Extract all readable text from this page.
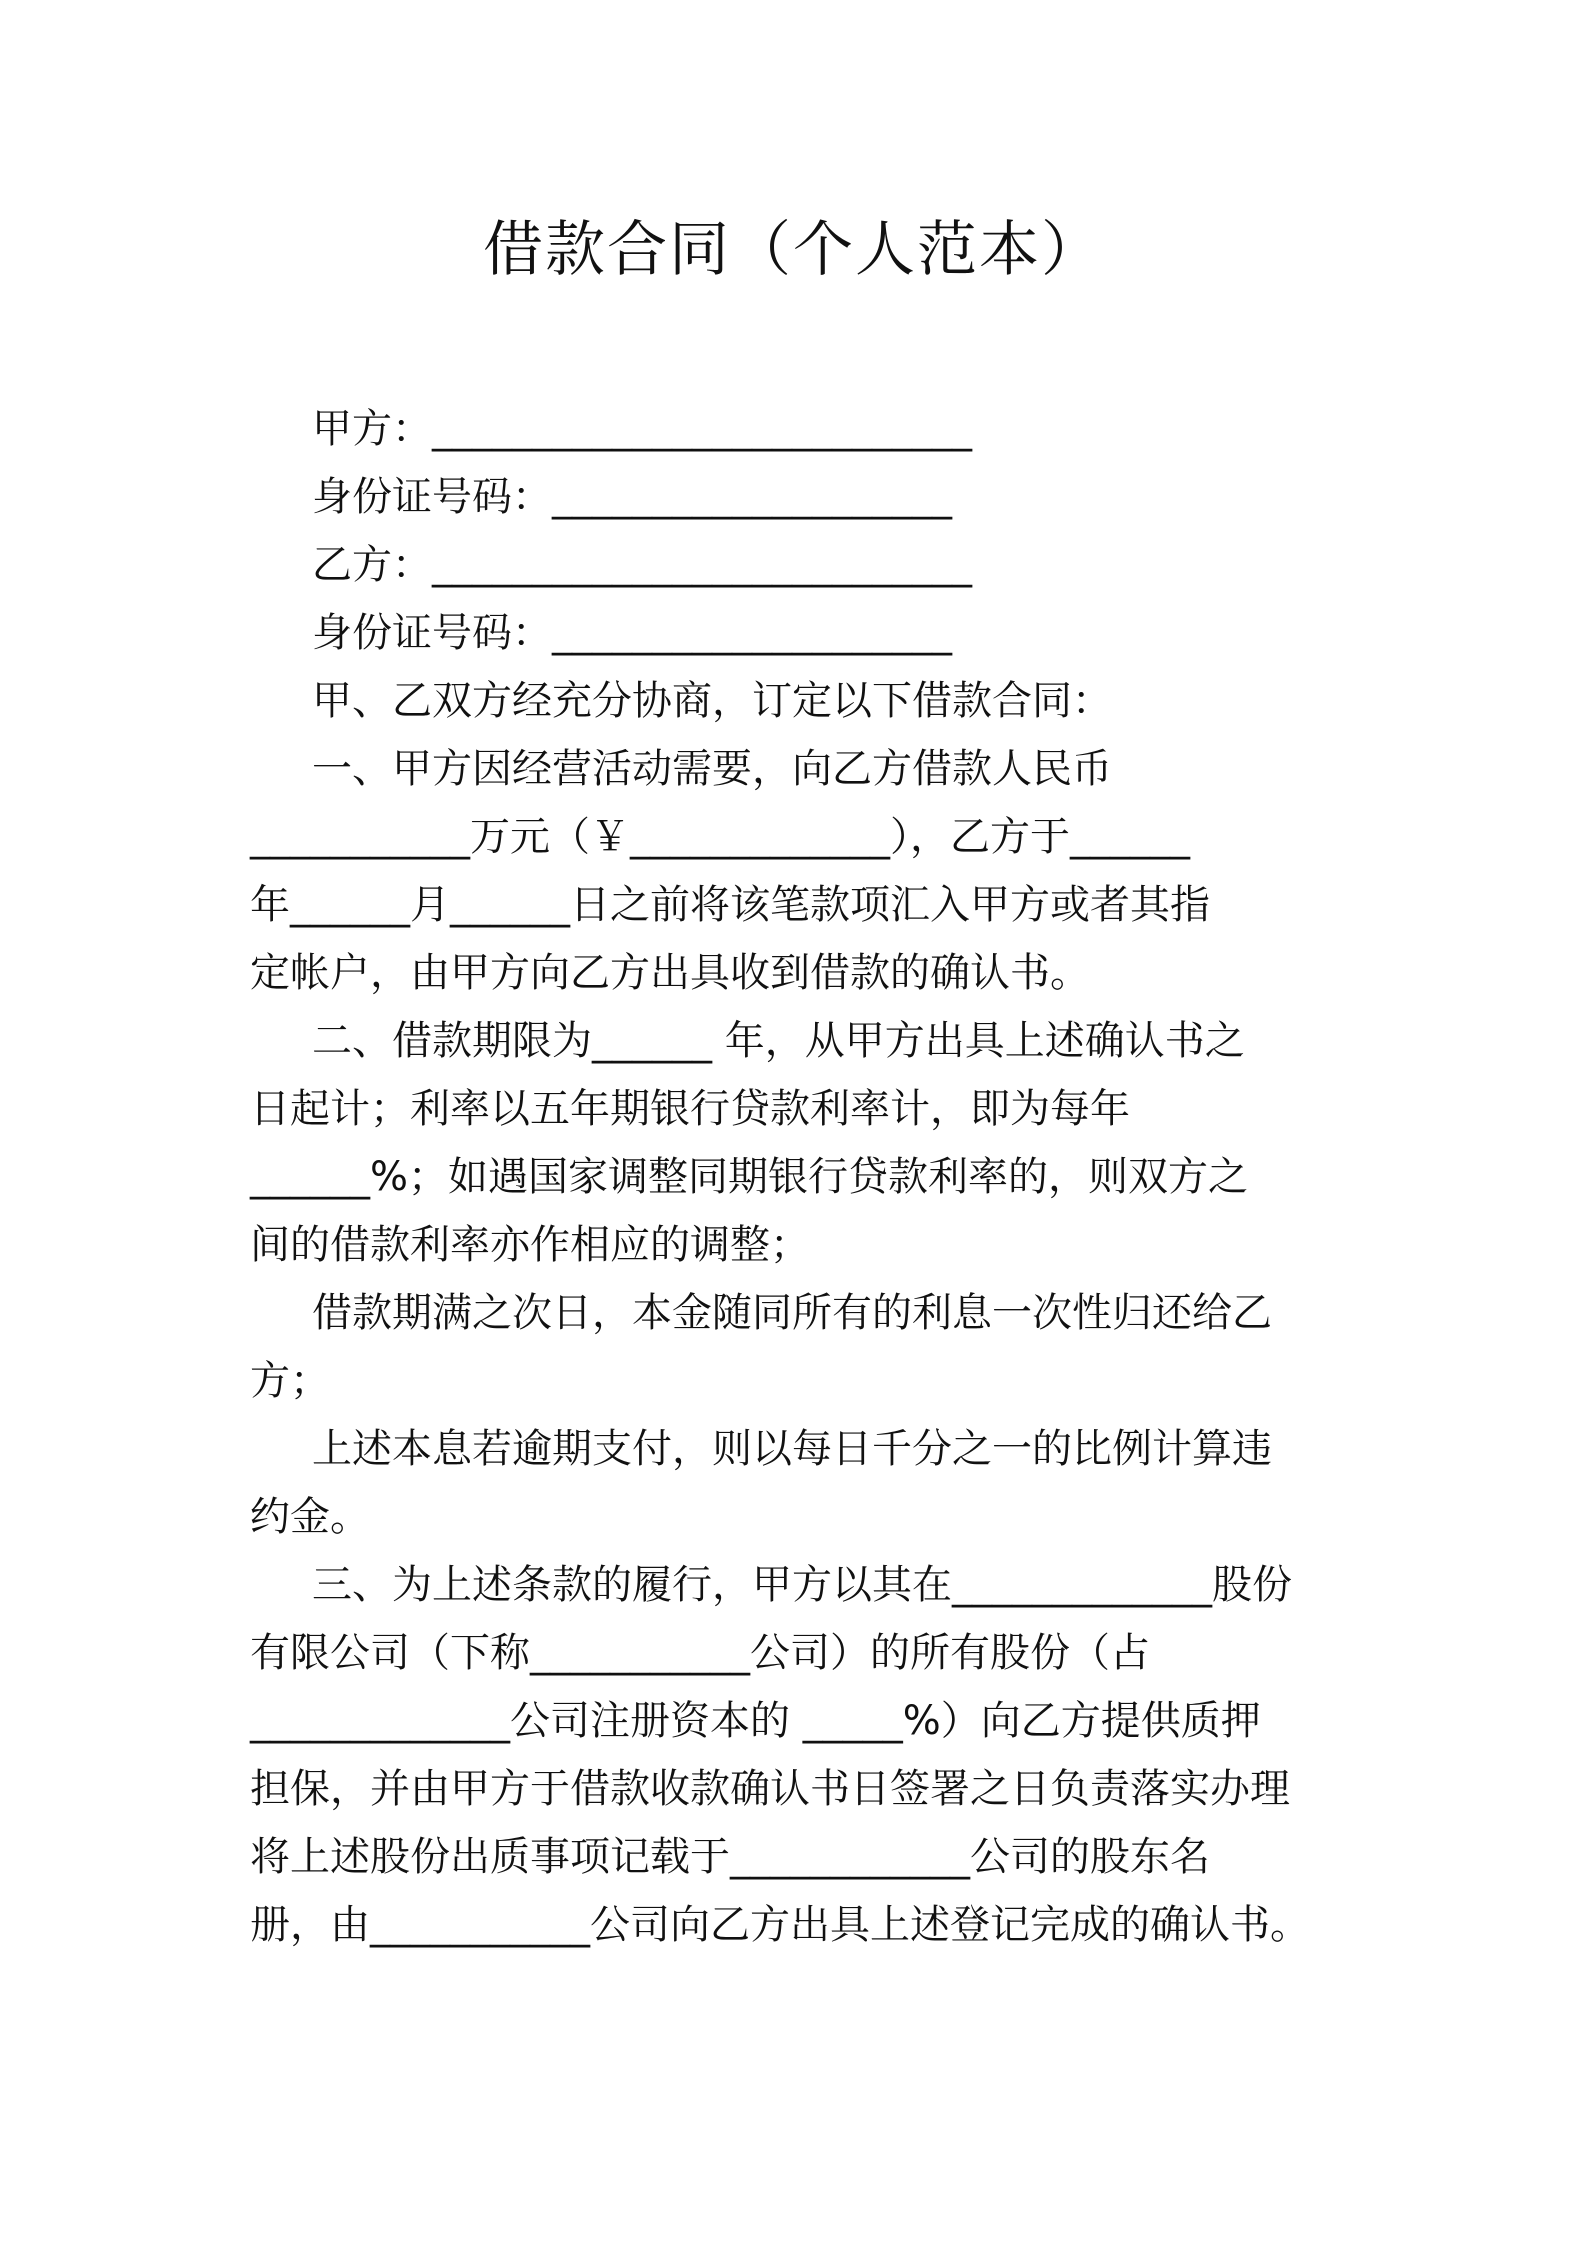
借款合同（个人范本）
甲方：___________________________
身份证号码：____________________
乙方：___________________________
身份证号码：____________________
甲、乙双方经充分协商，订定以下借款合同：
一、甲方因经营活动需要，向乙方借款人民币
___________万元（￥_____________），乙方于______
年______月______日之前将该笔款项汇入甲方或者其指
定帐户，由甲方向乙方出具收到借款的确认书。
二、借款期限为______ 年，从甲方出具上述确认书之
日起计；利率以五年期银行贷款利率计，即为每年
______%；如遇国家调整同期银行贷款利率的，则双方之
间的借款利率亦作相应的调整；
借款期满之次日，本金随同所有的利息一次性归还给乙
方；
上述本息若逾期支付，则以每日千分之一的比例计算违
约金。
三、为上述条款的履行，甲方以其在_____________股份
有限公司（下称___________公司）的所有股份（占
_____________公司注册资本的 _____%）向乙方提供质押
担保，并由甲方于借款收款确认书日签署之日负责落实办理
将上述股份出质事项记载于____________公司的股东名
册，由___________公司向乙方出具上述登记完成的确认书。
